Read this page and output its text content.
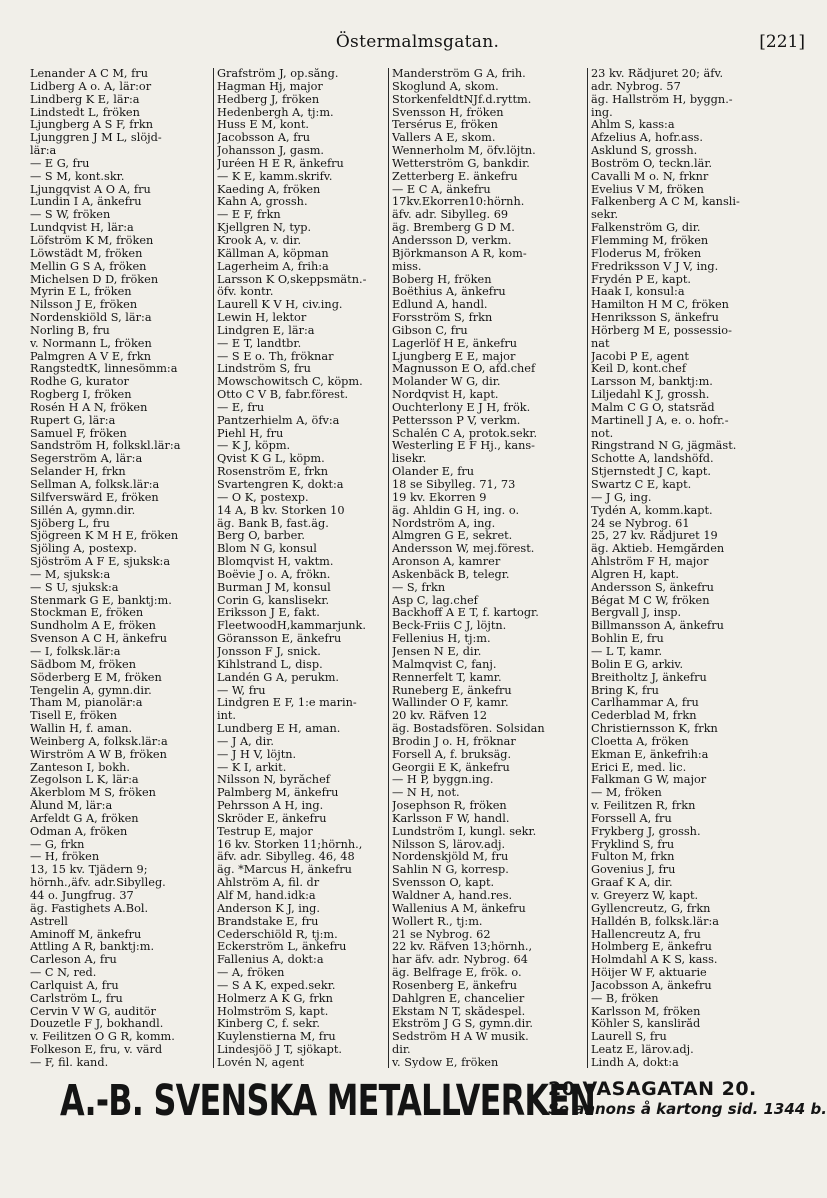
Östermalmsgatan.	[221]
Lenander A C M, fru
Lidberg A o. A, lär:or
Lindberg K E, lär:a
Lindstedt L, fröken
Ljungberg A S F, frkn
Ljunggren J M L, slöjd-
lär:a
— E G, fru
— S M, kont.skr.
Ljungqvist A O A, fru
Lundin I A, änkefru
— S W, fröken
Lundqvist H, lär:a
Löfström K M, fröken
Löwstädt M, fröken
Mellin G S A, fröken
Michelsen D D, fröken
Myrin E L, fröken
Nilsson J E, fröken
Nordenskiöld S, lär:a
Norling B, fru
v. Normann L, fröken
Palmgren A V E, frkn
RangstedtK, linnesömm:a
Rodhe G, kurator
Rogberg I, fröken
Rosén H A N, fröken
Rupert G, lär:a
Samuel F, fröken
Sandström H, folkskl.lär:a
Segerström A, lär:a
Selander H, frkn
Sellman A, folksk.lär:a
Silfverswärd E, fröken
Sillén A, gymn.dir.
Sjöberg L, fru
Sjögreen K M H E, fröken
Sjöling A, postexp.
Sjöström A F E, sjuksk:a
— M, sjuksk:a
— S U, sjuksk:a
Stenmark G E, banktj:m.
Stockman E, fröken
Sundholm A E, fröken
Svenson A C H, änkefru
— I, folksk.lär:a
Sädbom M, fröken
Söderberg E M, fröken
Tengelin A, gymn.dir.
Tham M, pianolär:a
Tisell E, fröken
Wallin H, f. aman.
Weinberg A, folksk.lär:a
Wirström A W B, fröken
Zanteson I, bokh.
Zegolson L K, lär:a
Åkerblom M S, fröken
Ålund M, lär:a
Ärfeldt G A, fröken
Ödman A, fröken
— G, frkn
— H, fröken
13, 15 kv. Tjädern 9;
hörnh.,äfv. adr.Sibylleg.
44 o. Jungfrug. 37
äg. Fastighets A.Bol.
Astrell
Aminoff M, änkefru
Attling A R, banktj:m.
Carleson A, fru
— C N, red.
Carlquist A, fru
Carlström L, fru
Cervin V W G, auditör
Douzetle F J, bokhandl.
v. Feilitzen O G R, komm.
Folkeson E, fru, v. värd
— F, fil. kand.
Grafström J, op.sång.
Hagman Hj, major
Hedberg J, fröken
Hedenbergh A, tj:m.
Huss E M, kont.
Jacobsson A, fru
Johansson J, gasm.
Juréen H E R, änkefru
— K E, kamm.skrifv.
Kaeding A, fröken
Kahn A, grossh.
— E F, frkn
Kjellgren N, typ.
Krook A, v. dir.
Källman A, köpman
Lagerheim A, frih:a
Larsson K O,skeppsmätn.-
öfv. kontr.
Laurell K V H, civ.ing.
Lewin H, lektor
Lindgren E, lär:a
— E T, landtbr.
— S E o. Th, fröknar
Lindström S, fru
Mowschowitsch C, köpm.
Otto C V B, fabr.förest.
— E, fru
Pantzerhielm A, öfv:a
Piehl H, fru
— K J, köpm.
Qvist K G L, köpm.
Rosenström E, frkn
Svartengren K, dokt:a
— O K, postexp.
14 A, B kv. Storken 10
äg. Bank B, fast.äg.
Berg O, barber.
Blom N G, konsul
Blomqvist H, vaktm.
Boëvie J o. A, frökn.
Burman J M, konsul
Corin G, kanslisekr.
Eriksson J E, fakt.
FleetwoodH,kammarjunk.
Göransson E, änkefru
Jonsson F J, snick.
Kihlstrand L, disp.
Landén G A, perukm.
— W, fru
Lindgren E F, 1:e marin-
int.
Lundberg E H, aman.
— J A, dir.
— J H V, löjtn.
— K I, arkit.
Nilsson N, byråchef
Palmberg M, änkefru
Pehrsson A H, ing.
Skröder E, änkefru
Testrup E, major
16 kv. Storken 11;hörnh.,
äfv. adr. Sibylleg. 46, 48
äg. *Marcus H, änkefru
Ahlström A, fil. dr
Alf M, hand.idk:a
Anderson K J, ing.
Brandstake E, fru
Cederschiöld R, tj:m.
Eckerström L, änkefru
Fallenius A, dokt:a
— A, fröken
— S A K, exped.sekr.
Holmerz A K G, frkn
Holmström S, kapt.
Kinberg C, f. sekr.
Kuylenstierna M, fru
Lindesjöö J T, sjökapt.
Lovén N, agent
Manderström G A, frih.
Skoglund A, skom.
StorkenfeldtNJf.d.ryttm.
Svensson H, fröken
Tersérus E, fröken
Vallers A E, skom.
Wennerholm M, öfv.löjtn.
Wetterström G, bankdir.
Zetterberg E. änkefru
— E C A, änkefru
17kv.Ekorren10:hörnh.
äfv. adr. Sibylleg. 69
äg. Bremberg G D M.
Andersson D, verkm.
Björkmanson A R, kom-
miss.
Boberg H, fröken
Boëthius A, änkefru
Edlund A, handl.
Forsström S, frkn
Gibson C, fru
Lagerlöf H E, änkefru
Ljungberg E E, major
Magnusson E O, afd.chef
Molander W G, dir.
Nordqvist H, kapt.
Ouchterlony E J H, frök.
Pettersson P V, verkm.
Schalén C A, protok.sekr.
Westerling E F Hj., kans-
lisekr.
Ölander E, fru
18 se Sibylleg. 71, 73
19 kv. Ekorren 9
äg. Ahldin G H, ing. o.
Nordström A, ing.
Almgren G E, sekret.
Andersson W, mej.förest.
Aronson A, kamrer
Askenbäck B, telegr.
— S, frkn
Asp C, lag.chef
Backhoff A E T, f. kartogr.
Beck-Friis C J, löjtn.
Fellenius H, tj:m.
Jensen N E, dir.
Malmqvist C, fanj.
Rennerfelt T, kamr.
Runeberg E, änkefru
Wallinder O F, kamr.
20 kv. Räfven 12
äg. Bostadsfören. Solsidan
Brodin J o. H, fröknar
Forsell A, f. bruksäg.
Georgii E K, änkefru
— H P, byggn.ing.
— N H, not.
Josephson R, fröken
Karlsson F W, handl.
Lundström I, kungl. sekr.
Nilsson S, lärov.adj.
Nordenskjöld M, fru
Sahlin N G, korresp.
Svensson O, kapt.
Waldner A, hand.res.
Wallenius A M, änkefru
Wollert R., tj:m.
21 se Nybrog. 62
22 kv. Räfven 13;hörnh.,
har äfv. adr. Nybrog. 64
äg. Belfrage E, frök. o.
Rosenberg E, änkefru
Dahlgren E, chancelier
Ekstam N T, skådespel.
Ekström J G S, gymn.dir.
Sedström H A W musik.
dir.
v. Sydow E, fröken
23 kv. Rådjuret 20; äfv.
adr. Nybrog. 57
äg. Hallström H, byggn.-
ing.
Ahlm S, kass:a
Afzelius A, hofr.ass.
Asklund S, grossh.
Boström O, teckn.lär.
Cavalli M o. N, frknr
Evelius V M, fröken
Falkenberg A C M, kansli-
sekr.
Falkenström G, dir.
Flemming M, fröken
Floderus M, fröken
Fredriksson V J V, ing.
Frydén P E, kapt.
Haak I, konsul:a
Hamilton H M C, fröken
Henriksson S, änkefru
Hörberg M E, possessio-
nat
Jacobi P E, agent
Keil D, kont.chef
Larsson M, banktj:m.
Liljedahl K J, grossh.
Malm C G O, statsråd
Martinell J A, e. o. hofr.-
not.
Ringstrand N G, jägmäst.
Schotte A, landshöfd.
Stjernstedt J C, kapt.
Swartz C E, kapt.
— J G, ing.
Tydén A, komm.kapt.
24 se Nybrog. 61
25, 27 kv. Rådjuret 19
äg. Aktieb. Hemgården
Ahlström F H, major
Algren H, kapt.
Andersson S, änkefru
Bégat M C W, fröken
Bergvall J, insp.
Billmansson A, änkefru
Bohlin E, fru
— L T, kamr.
Bolin E G, arkiv.
Breitholtz J, änkefru
Bring K, fru
Carlhammar A, fru
Cederblad M, frkn
Christiernsson K, frkn
Cloetta A, fröken
Ekman E, änkefrih:a
Erici E, med. lic.
Falkman G W, major
— M, fröken
v. Feilitzen R, frkn
Forssell A, fru
Frykberg J, grossh.
Fryklind S, fru
Fulton M, frkn
Govenius J, fru
Graaf K A, dir.
v. Greyerz W, kapt.
Gyllencreutz, G, frkn
Halldén B, folksk.lär:a
Hallencreutz A, fru
Holmberg E, änkefru
Holmdahl A K S, kass.
Höijer W F, aktuarie
Jacobsson A, änkefru
— B, fröken
Karlsson M, fröken
Köhler S, kansliråd
Laurell S, fru
Leatz E, lärov.adj.
Lindh A, dokt:a
A.-B. SVENSKA METALLVERKEN
20 VASAGATAN 20.
Se annons å kartong sid. 1344 b.
